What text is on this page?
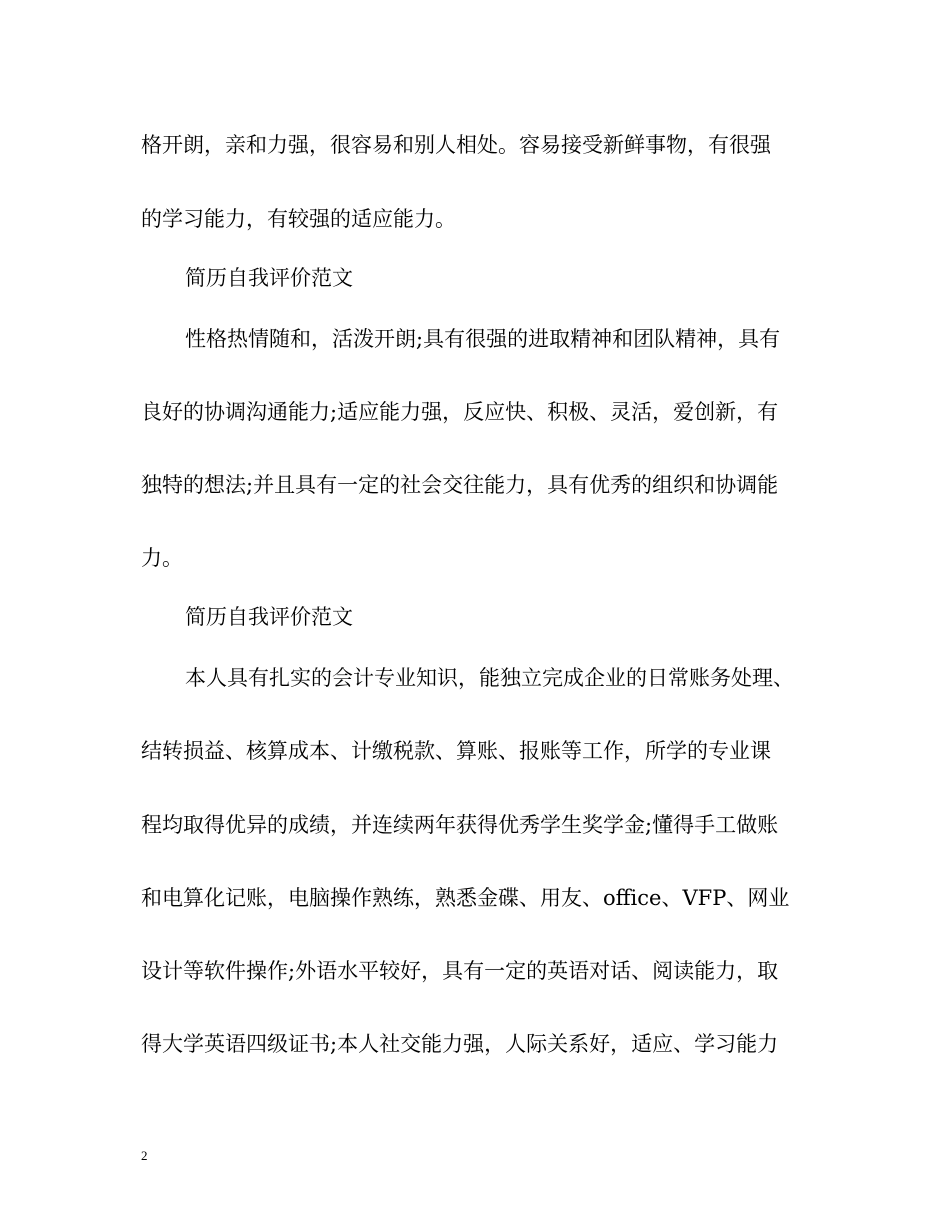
格开朗，亲和力强，很容易和别人相处。容易接受新鲜事物，有很强
的学习能力，有较强的适应能力。
简历自我评价范文
性格热情随和，活泼开朗;具有很强的进取精神和团队精神，具有
良好的协调沟通能力;适应能力强，反应快、积极、灵活，爱创新，有
独特的想法;并且具有一定的社会交往能力，具有优秀的组织和协调能
力。
简历自我评价范文
本人具有扎实的会计专业知识，能独立完成企业的日常账务处理、
结转损益、核算成本、计缴税款、算账、报账等工作，所学的专业课
程均取得优异的成绩，并连续两年获得优秀学生奖学金;懂得手工做账
和电算化记账，电脑操作熟练，熟悉金碟、用友、office、VFP、网业
设计等软件操作;外语水平较好，具有一定的英语对话、阅读能力，取
得大学英语四级证书;本人社交能力强，人际关系好，适应、学习能力
2
